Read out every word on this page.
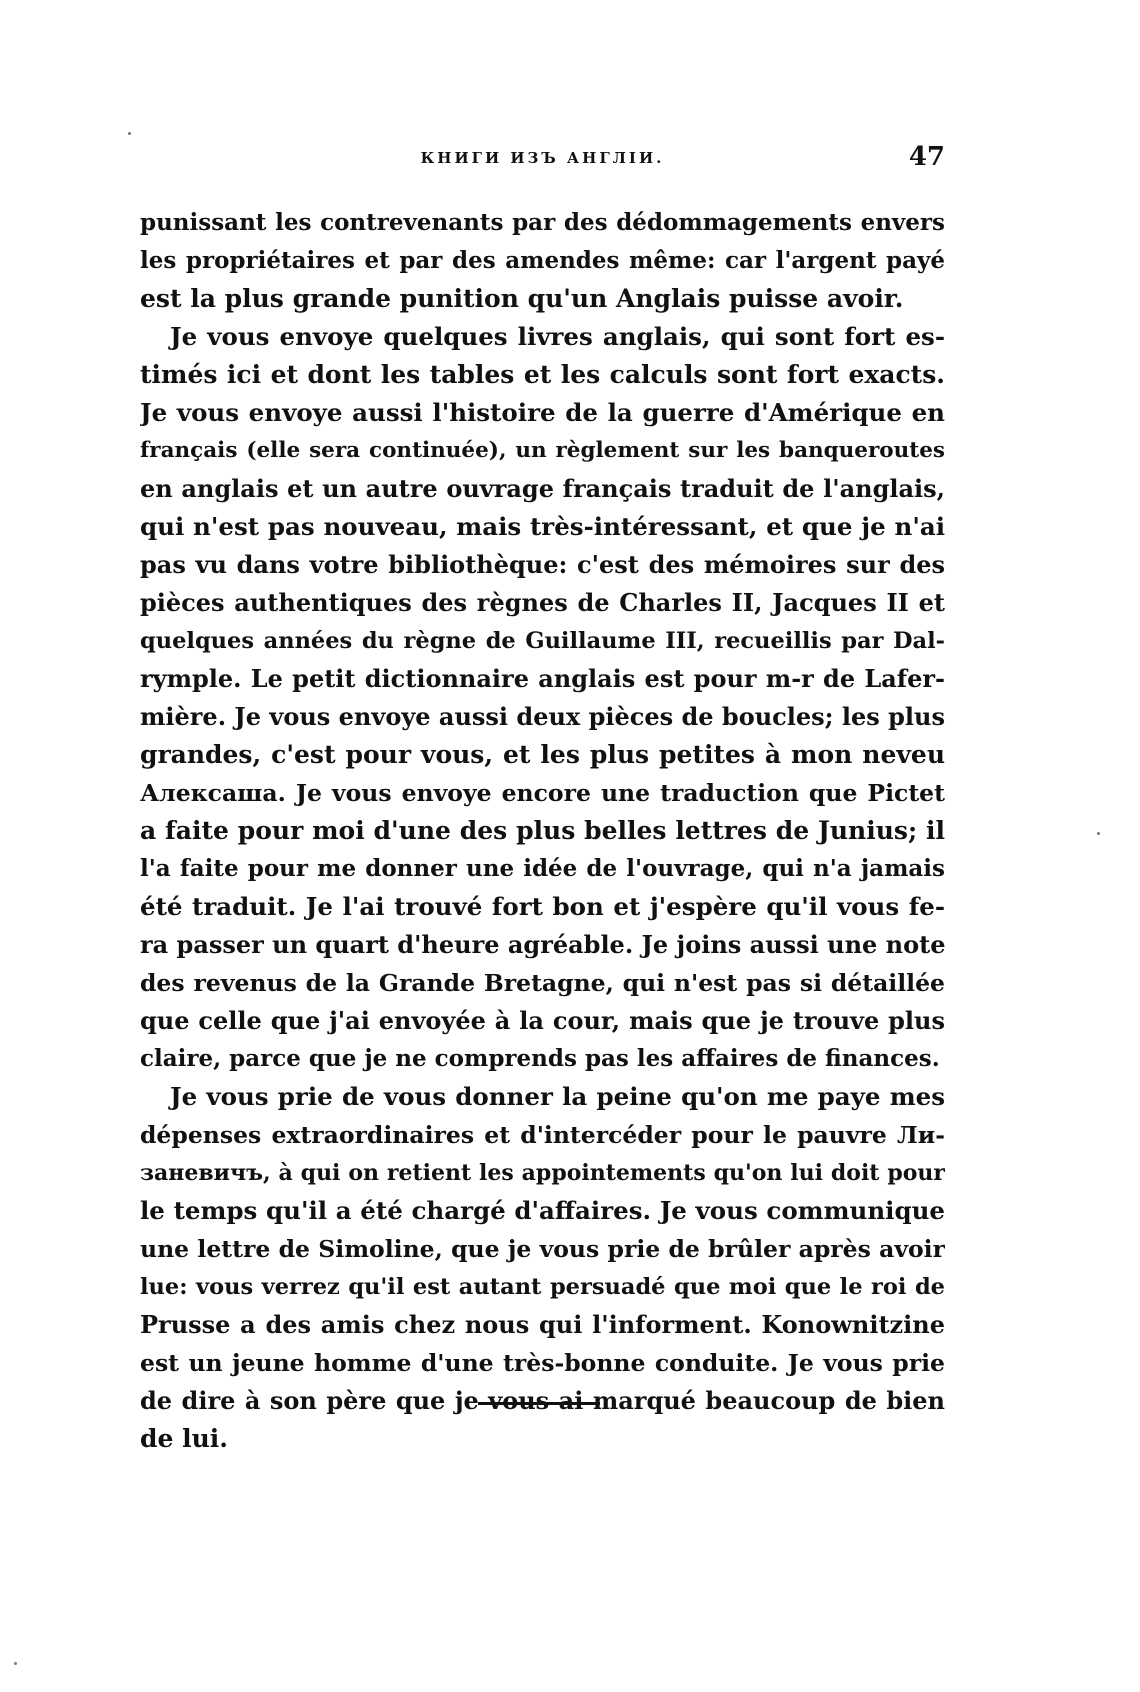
КНИГИ ИЗЪ АНГЛIИ.	47
punissant les contrevenants par des dédommagements envers
les propriétaires et par des amendes même: car l'argent payé
est la plus grande punition qu'un Anglais puisse avoir.
Je vous envoye quelques livres anglais, qui sont fort es-
timés ici et dont les tables et les calculs sont fort exacts.
Je vous envoye aussi l'histoire de la guerre d'Amérique en
français (elle sera continuée), un règlement sur les banqueroutes
en anglais et un autre ouvrage français traduit de l'anglais,
qui n'est pas nouveau, mais très-intéressant, et que je n'ai
pas vu dans votre bibliothèque: c'est des mémoires sur des
pièces authentiques des règnes de Charles II, Jacques II et
quelques années du règne de Guillaume III, recueillis par Dal-
rymple. Le petit dictionnaire anglais est pour m-r de Lafer-
mière. Je vous envoye aussi deux pièces de boucles; les plus
grandes, c'est pour vous, et les plus petites à mon neveu
Алексаша. Je vous envoye encore une traduction que Pictet
a faite pour moi d'une des plus belles lettres de Junius; il
l'a faite pour me donner une idée de l'ouvrage, qui n'a jamais
été traduit. Je l'ai trouvé fort bon et j'espère qu'il vous fe-
ra passer un quart d'heure agréable. Je joins aussi une note
des revenus de la Grande Bretagne, qui n'est pas si détaillée
que celle que j'ai envoyée à la cour, mais que je trouve plus
claire, parce que je ne comprends pas les affaires de finances.
Je vous prie de vous donner la peine qu'on me paye mes
dépenses extraordinaires et d'intercéder pour le pauvre Ли-
заневичъ, à qui on retient les appointements qu'on lui doit pour
le temps qu'il a été chargé d'affaires. Je vous communique
une lettre de Simoline, que je vous prie de brûler après avoir
lue: vous verrez qu'il est autant persuadé que moi que le roi de
Prusse a des amis chez nous qui l'informent. Konownitzine
est un jeune homme d'une très-bonne conduite. Je vous prie
de dire à son père que je vous ai marqué beaucoup de bien
de lui.
